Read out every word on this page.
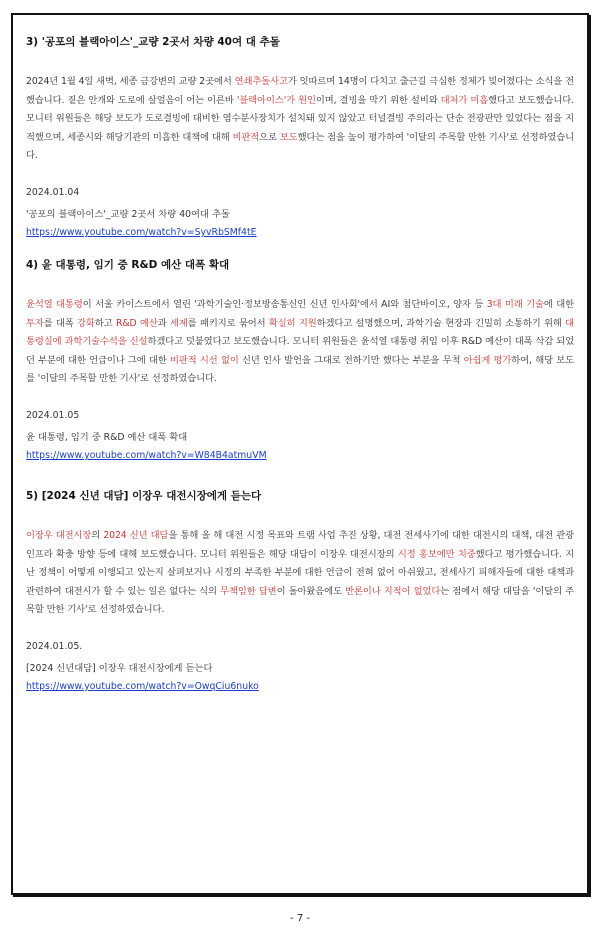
3) '공포의 블랙아이스'_교량 2곳서 차량 40여 대 추돌

2024년 1월 4일 새벽, 세종 금강변의 교량 2곳에서 연쇄추돌사고가 잇따르며 14명이 다치고 출근길 극심한 정체가 빚어졌다는 소식을 전했습니다. 짙은 안개와 도로에 살얼음이 어는 이른바 '블랙아이스'가 원인이며, 결빙을 막기 위한 설비와 대처가 미흡했다고 보도했습니다. 모니터 위원들은 해당 보도가 도로결빙에 대비한 염수분사장치가 설치돼 있지 않았고 터널결빙 주의라는 단순 전광판만 있었다는 점을 지적했으며, 세종시와 해당기관의 미흡한 대책에 대해 비판적으로 보도했다는 점을 높이 평가하여 '이달의 주목할 만한 기사'로 선정하였습니다.

2024.01.04

'공포의 블랙아이스'_교량 2곳서 차량 40여대 추돌

https://www.youtube.com/watch?v=SyvRbSMf4tE
4) 윤 대통령, 임기 중 R&D 예산 대폭 확대

윤석열 대통령이 서울 카이스트에서 열린 '과학기술인·정보방송통신인 신년 인사회'에서 AI와 첨단바이오, 양자 등 3대 미래 기술에 대한 투자를 대폭 강화하고 R&D 예산과 세제를 패키지로 묶어서 확실히 지원하겠다고 설명했으며, 과학기술 현장과 긴밀히 소통하기 위해 대통령실에 과학기술수석을 신설하겠다고 덧붙였다고 보도했습니다. 모니터 위원들은 윤석열 대통령 취임 이후 R&D 예산이 대폭 삭감 되었던 부분에 대한 언급이나 그에 대한 비판적 시선 없이 신년 인사 발언을 그대로 전하기만 했다는 부분을 무척 아쉽게 평가하여, 해당 보도를 '이달의 주목할 만한 기사'로 선정하였습니다.

2024.01.05

윤 대통령, 임기 중 R&D 예산 대폭 확대

https://www.youtube.com/watch?v=W84B4atmuVM
5) [2024 신년 대담] 이장우 대전시장에게 듣는다

이장우 대전시장의 2024 신년 대담을 통해 올 해 대전 시정 목표와 트램 사업 추진 상황, 대전 전세사기에 대한 대전시의 대책, 대전 관광 인프라 확충 방향 등에 대해 보도했습니다. 모니터 위원들은 해당 대담이 이장우 대전시장의 시정 홍보에만 치중했다고 평가했습니다. 지난 정책이 어떻게 이행되고 있는지 살펴보거나 시정의 부족한 부분에 대한 언급이 전혀 없어 아쉬웠고, 전세사기 피해자들에 대한 대책과 관련하여 대전시가 할 수 있는 일은 없다는 식의 무책임한 답변이 돌아왔음에도 반론이나 지적이 없었다는 점에서 해당 대담을 '이달의 주목할 만한 기사'로 선정하였습니다.

2024.01.05.

[2024 신년대담] 이장우 대전시장에게 듣는다

https://www.youtube.com/watch?v=OwqCiu6nuko
- 7 -
